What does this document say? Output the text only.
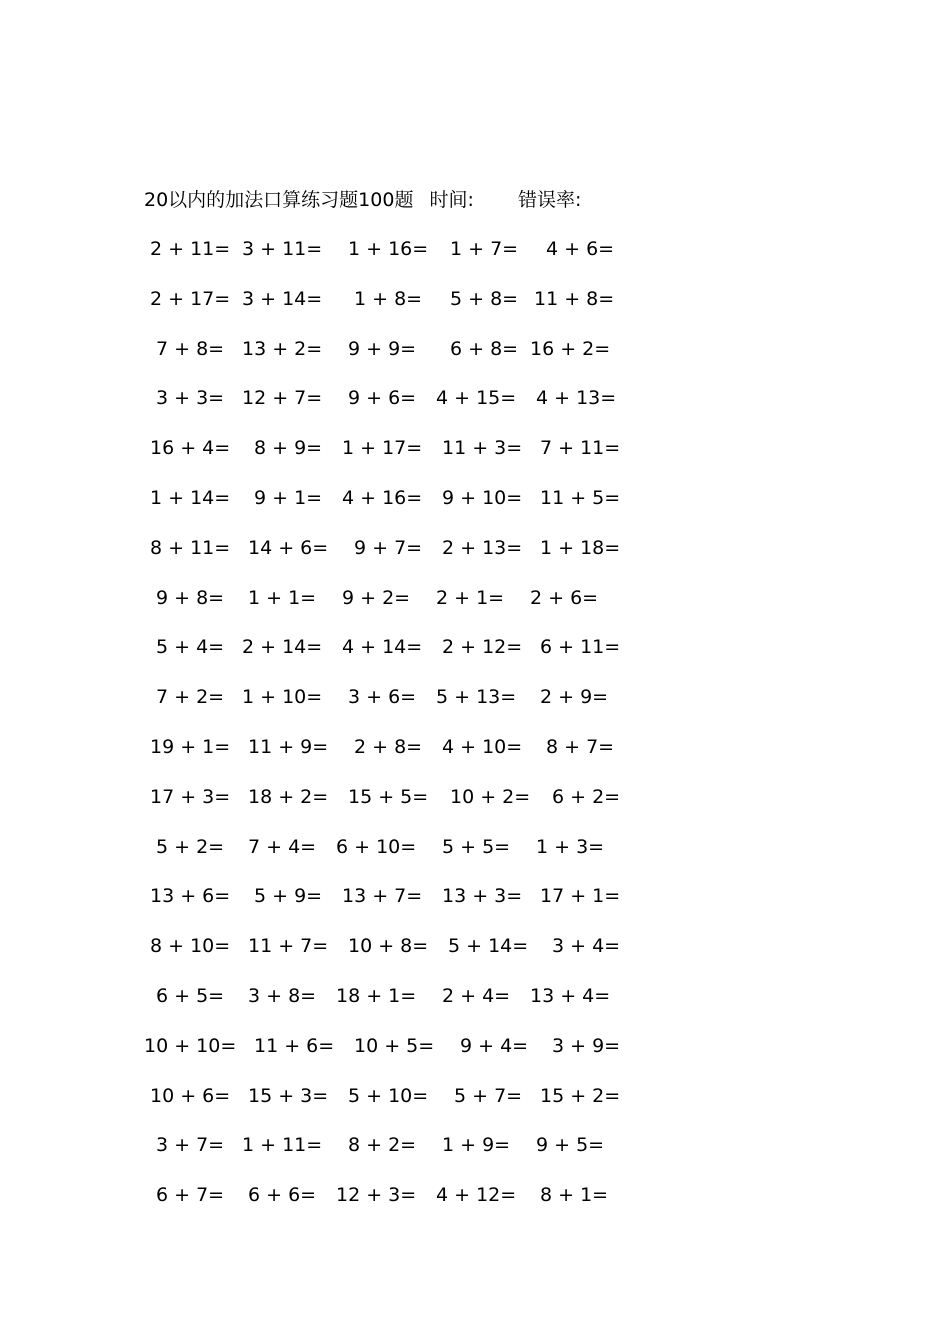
20以内的加法口算练习题100题 时间: 错误率:
2 + 11= 3 + 11=	1 + 16=	1 + 7=	4 + 6=
2 + 17= 3 + 14=	1 + 8=	5 + 8= 11 + 8=
7 + 8= 13 + 2=	9 + 9=	6 + 8= 16 + 2=
3 + 3= 12 + 7=	9 + 6=	4 + 15=	4 + 13=
16 + 4=	8 + 9=	1 + 17=	11 + 3= 7 + 11=
1 + 14=	9 + 1=	4 + 16=	9 + 10= 11 + 5=
8 + 11= 14 + 6=	9 + 7=	2 + 13= 1 + 18=
9 + 8=	1 + 1=	9 + 2=	2 + 1=	2 + 6=
5 + 4= 2 + 14=	4 + 14=	2 + 12= 6 + 11=
7 + 2= 1 + 10=	3 + 6=	5 + 13=	2 + 9=
19 + 1= 11 + 9=	2 + 8=	4 + 10=	8 + 7=
17 + 3= 18 + 2=	15 + 5=	10 + 2=	6 + 2=
5 + 2=	7 + 4=	6 + 10=	5 + 5=	1 + 3=
13 + 6=	5 + 9=	13 + 7=	13 + 3= 17 + 1=
8 + 10= 11 + 7=	10 + 8=	5 + 14=	3 + 4=
6 + 5=	3 + 8=	18 + 1=	2 + 4=	13 + 4=
10 + 10= 11 + 6=	10 + 5=	9 + 4=	3 + 9=
10 + 6= 15 + 3=	5 + 10=	5 + 7= 15 + 2=
3 + 7= 1 + 11=	8 + 2=	1 + 9=	9 + 5=
6 + 7=	6 + 6=	12 + 3=	4 + 12=	8 + 1=
